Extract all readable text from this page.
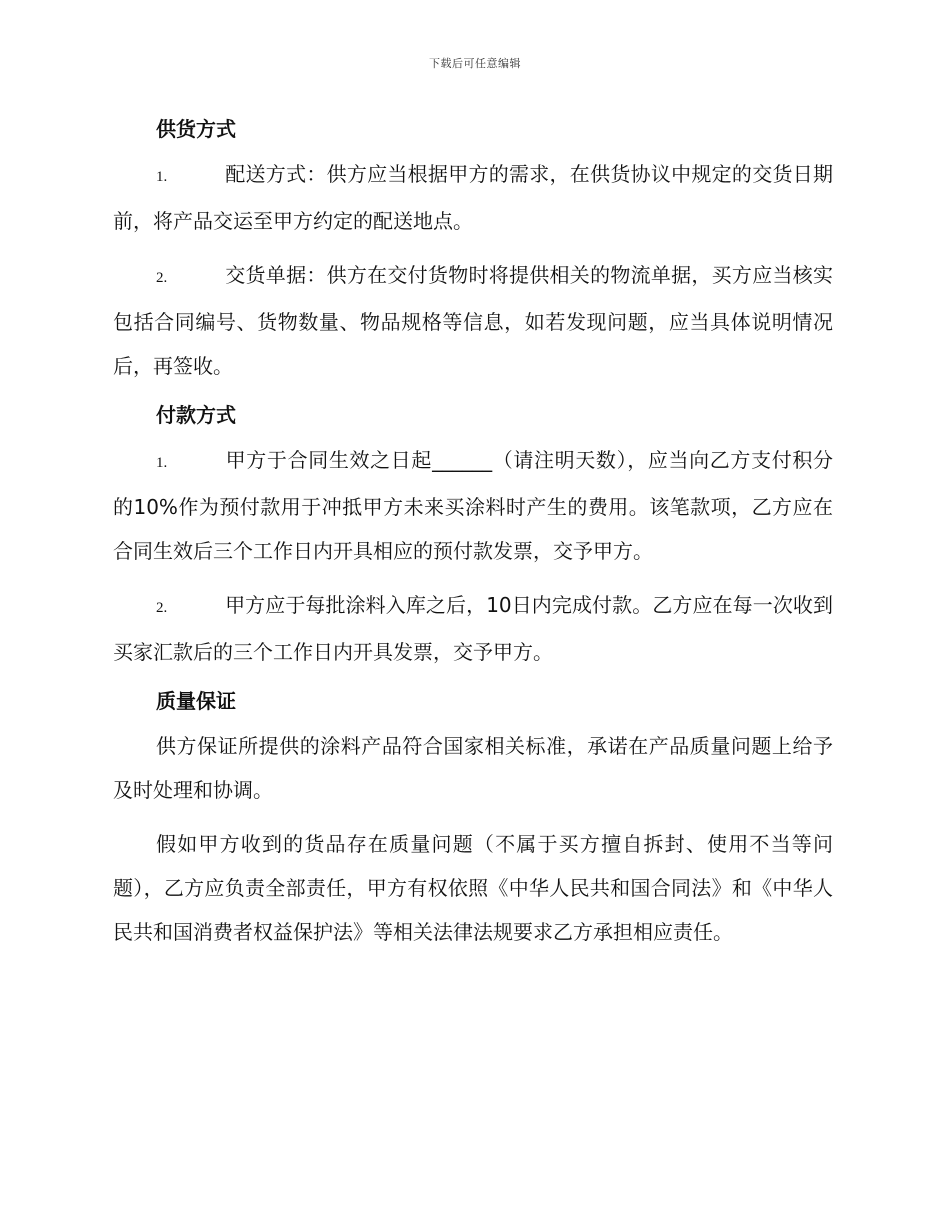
下载后可任意编辑
供货方式

1.	配送方式：供方应当根据甲方的需求，在供货协议中规定的交货日期前，将产品交运至甲方约定的配送地点。

2.	交货单据：供方在交付货物时将提供相关的物流单据，买方应当核实包括合同编号、货物数量、物品规格等信息，如若发现问题，应当具体说明情况后，再签收。

付款方式

1.	甲方于合同生效之日起______（请注明天数），应当向乙方支付积分的10%作为预付款用于冲抵甲方未来买涂料时产生的费用。该笔款项，乙方应在合同生效后三个工作日内开具相应的预付款发票，交予甲方。

2.	甲方应于每批涂料入库之后，10日内完成付款。乙方应在每一次收到买家汇款后的三个工作日内开具发票，交予甲方。

质量保证

供方保证所提供的涂料产品符合国家相关标准，承诺在产品质量问题上给予及时处理和协调。

假如甲方收到的货品存在质量问题（不属于买方擅自拆封、使用不当等问题），乙方应负责全部责任，甲方有权依照《中华人民共和国合同法》和《中华人民共和国消费者权益保护法》等相关法律法规要求乙方承担相应责任。
